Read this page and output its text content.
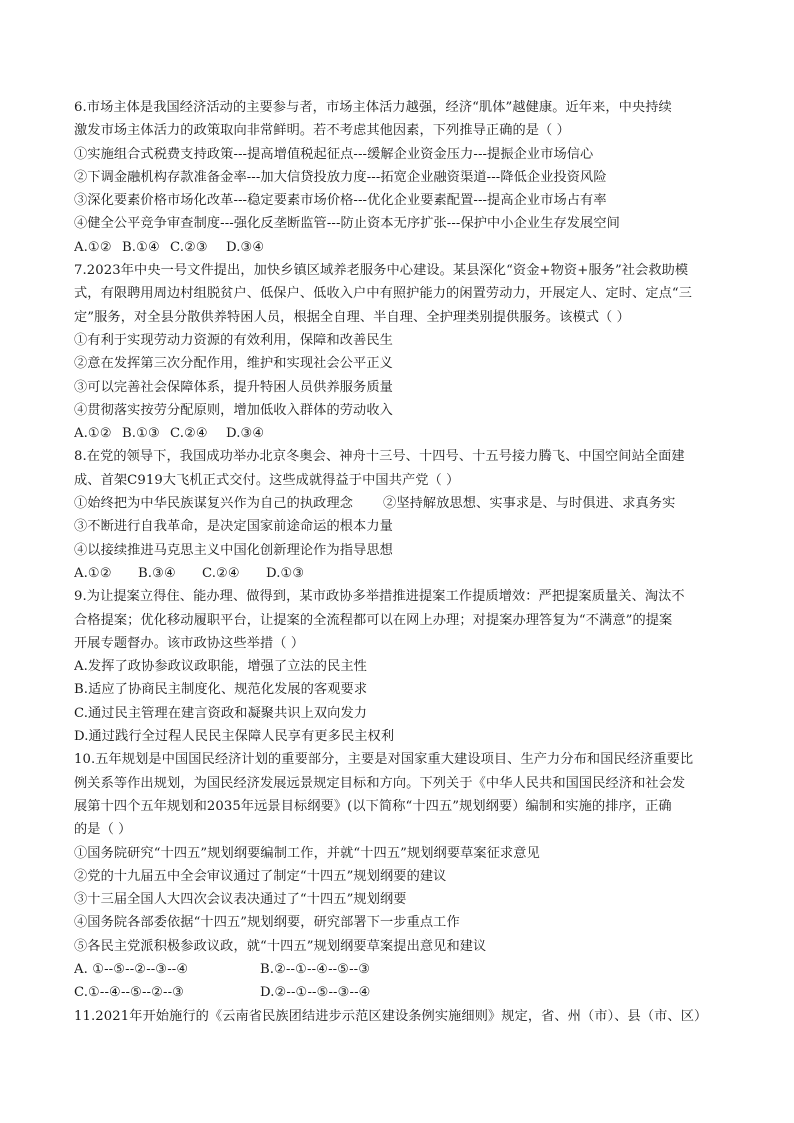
6.市场主体是我国经济活动的主要参与者，市场主体活力越强，经济“肌体”越健康。近年来，中央持续
激发市场主体活力的政策取向非常鲜明。若不考虑其他因素，下列推导正确的是（ ）
①实施组合式税费支持政策---提高增值税起征点---缓解企业资金压力---提振企业市场信心
②下调金融机构存款准备金率---加大信贷投放力度---拓宽企业融资渠道---降低企业投资风险
③深化要素价格市场化改革---稳定要素市场价格---优化企业要素配置---提高企业市场占有率
④健全公平竞争审查制度---强化反垄断监管---防止资本无序扩张---保护中小企业生存发展空间
A.①② B.①④ C.②③ D.③④
7.2023年中央一号文件提出，加快乡镇区域养老服务中心建设。某县深化“资金+物资+服务”社会救助模
式，有限聘用周边村组脱贫户、低保户、低收入户中有照护能力的闲置劳动力，开展定人、定时、定点“三
定”服务，对全县分散供养特困人员，根据全自理、半自理、全护理类别提供服务。该模式（ ）
①有利于实现劳动力资源的有效利用，保障和改善民生
②意在发挥第三次分配作用，维护和实现社会公平正义
③可以完善社会保障体系，提升特困人员供养服务质量
④贯彻落实按劳分配原则，增加低收入群体的劳动收入
A.①② B.①③ C.②④ D.③④
8.在党的领导下，我国成功举办北京冬奥会、神舟十三号、十四号、十五号接力腾飞、中国空间站全面建
成、首架C919大飞机正式交付。这些成就得益于中国共产党（ ）
①始终把为中华民族谋复兴作为自己的执政理念 ②坚持解放思想、实事求是、与时俱进、求真务实
③不断进行自我革命，是决定国家前途命运的根本力量
④以接续推进马克思主义中国化创新理论作为指导思想
A.①② B.③④ C.②④ D.①③
9.为让提案立得住、能办理、做得到，某市政协多举措推进提案工作提质增效：严把提案质量关、淘汰不
合格提案；优化移动履职平台，让提案的全流程都可以在网上办理；对提案办理答复为“不满意”的提案
开展专题督办。该市政协这些举措（ ）
A.发挥了政协参政议政职能，增强了立法的民主性
B.适应了协商民主制度化、规范化发展的客观要求
C.通过民主管理在建言资政和凝聚共识上双向发力
D.通过践行全过程人民民主保障人民享有更多民主权利
10.五年规划是中国国民经济计划的重要部分，主要是对国家重大建设项目、生产力分布和国民经济重要比
例关系等作出规划，为国民经济发展远景规定目标和方向。下列关于《中华人民共和国国民经济和社会发
展第十四个五年规划和2035年远景目标纲要》(以下简称“十四五”规划纲要）编制和实施的排序，正确
的是（ ）
①国务院研究“十四五”规划纲要编制工作，并就“十四五”规划纲要草案征求意见
②党的十九届五中全会审议通过了制定“十四五”规划纲要的建议
③十三届全国人大四次会议表决通过了“十四五”规划纲要
④国务院各部委依据“十四五”规划纲要，研究部署下一步重点工作
⑤各民主党派积极参政议政，就“十四五”规划纲要草案提出意见和建议
A. ①--⑤--②--③--④	B.②--①--④--⑤--③
C.①--④--⑤--②--③	D.②--①--⑤--③--④
11.2021年开始施行的《云南省民族团结进步示范区建设条例实施细则》规定，省、州（市）、县（市、区）
